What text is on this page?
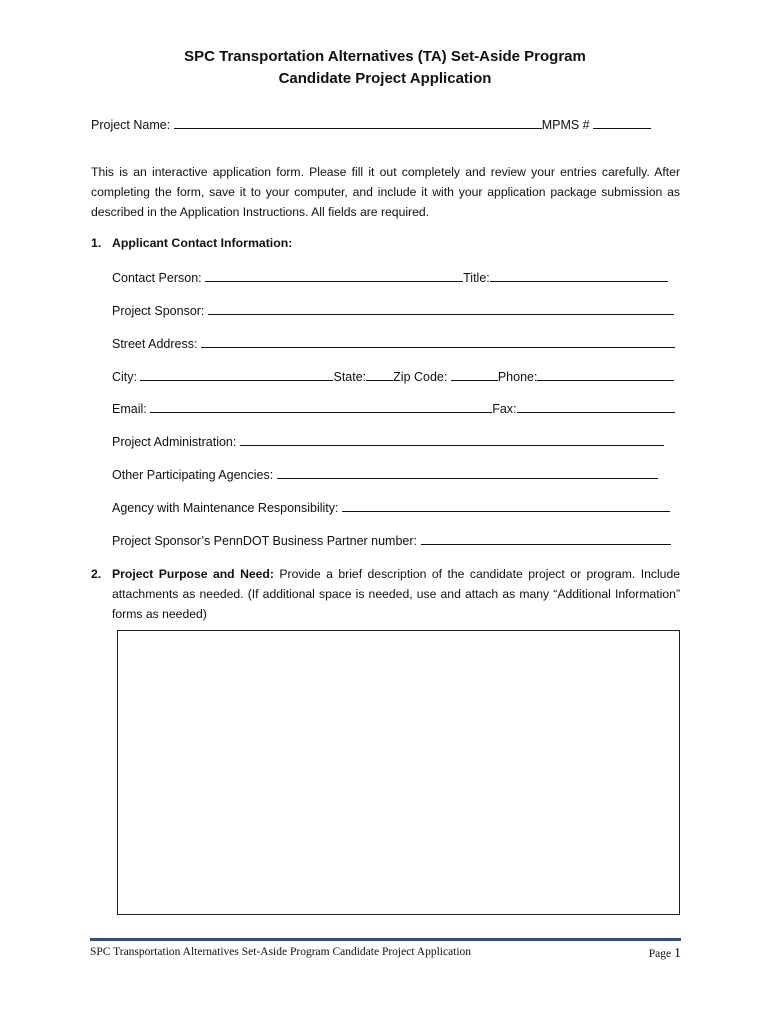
SPC Transportation Alternatives (TA) Set-Aside Program
Candidate Project Application
Project Name:	MPMS #
This is an interactive application form. Please fill it out completely and review your entries carefully. After completing the form, save it to your computer, and include it with your application package submission as described in the Application Instructions. All fields are required.
1. Applicant Contact Information:
Contact Person:	Title:
Project Sponsor:
Street Address:
City:	State: Zip Code:	Phone:
Email:	Fax:
Project Administration:
Other Participating Agencies:
Agency with Maintenance Responsibility:
Project Sponsor’s PennDOT Business Partner number:
2. Project Purpose and Need: Provide a brief description of the candidate project or program. Include attachments as needed. (If additional space is needed, use and attach as many “Additional Information” forms as needed)
SPC Transportation Alternatives Set-Aside Program Candidate Project Application	Page 1
